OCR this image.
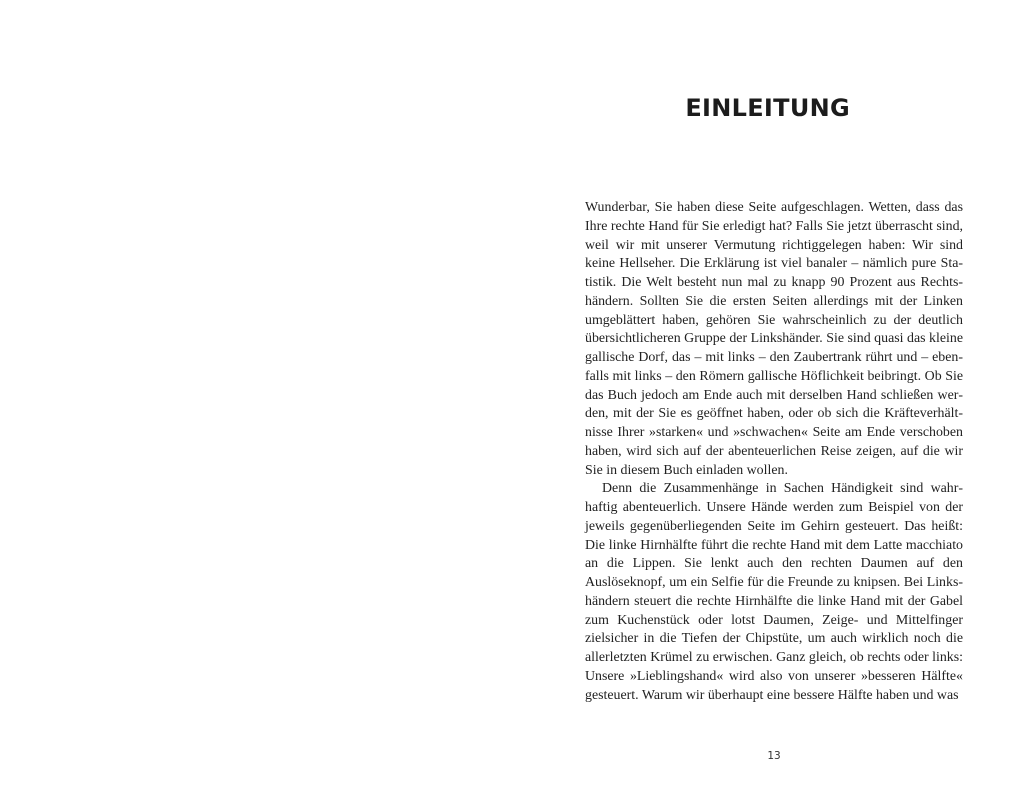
EINLEITUNG

Wunderbar, Sie haben diese Seite aufgeschlagen. Wetten, dass das Ihre rechte Hand für Sie erledigt hat? Falls Sie jetzt überrascht sind, weil wir mit unserer Vermutung richtiggelegen haben: Wir sind keine Hellseher. Die Erklärung ist viel banaler – nämlich pure Statistik. Die Welt besteht nun mal zu knapp 90 Prozent aus Rechtshändern. Sollten Sie die ersten Seiten allerdings mit der Linken umgeblättert haben, gehören Sie wahrscheinlich zu der deutlich übersichtlicheren Gruppe der Linkshänder. Sie sind quasi das kleine gallische Dorf, das – mit links – den Zaubertrank rührt und – ebenfalls mit links – den Römern gallische Höflichkeit beibringt. Ob Sie das Buch jedoch am Ende auch mit derselben Hand schließen werden, mit der Sie es geöffnet haben, oder ob sich die Kräfteverhältnisse Ihrer »starken« und »schwachen« Seite am Ende verschoben haben, wird sich auf der abenteuerlichen Reise zeigen, auf die wir Sie in diesem Buch einladen wollen.

Denn die Zusammenhänge in Sachen Händigkeit sind wahrhaftig abenteuerlich. Unsere Hände werden zum Beispiel von der jeweils gegenüberliegenden Seite im Gehirn gesteuert. Das heißt: Die linke Hirnhälfte führt die rechte Hand mit dem Latte macchiato an die Lippen. Sie lenkt auch den rechten Daumen auf den Auslöseknopf, um ein Selfie für die Freunde zu knipsen. Bei Linkshändern steuert die rechte Hirnhälfte die linke Hand mit der Gabel zum Kuchenstück oder lotst Daumen, Zeige- und Mittelfinger zielsicher in die Tiefen der Chipstüte, um auch wirklich noch die allerletzten Krümel zu erwischen. Ganz gleich, ob rechts oder links: Unsere »Lieblingshand« wird also von unserer »besseren Hälfte« gesteuert. Warum wir überhaupt eine bessere Hälfte haben und was

13
